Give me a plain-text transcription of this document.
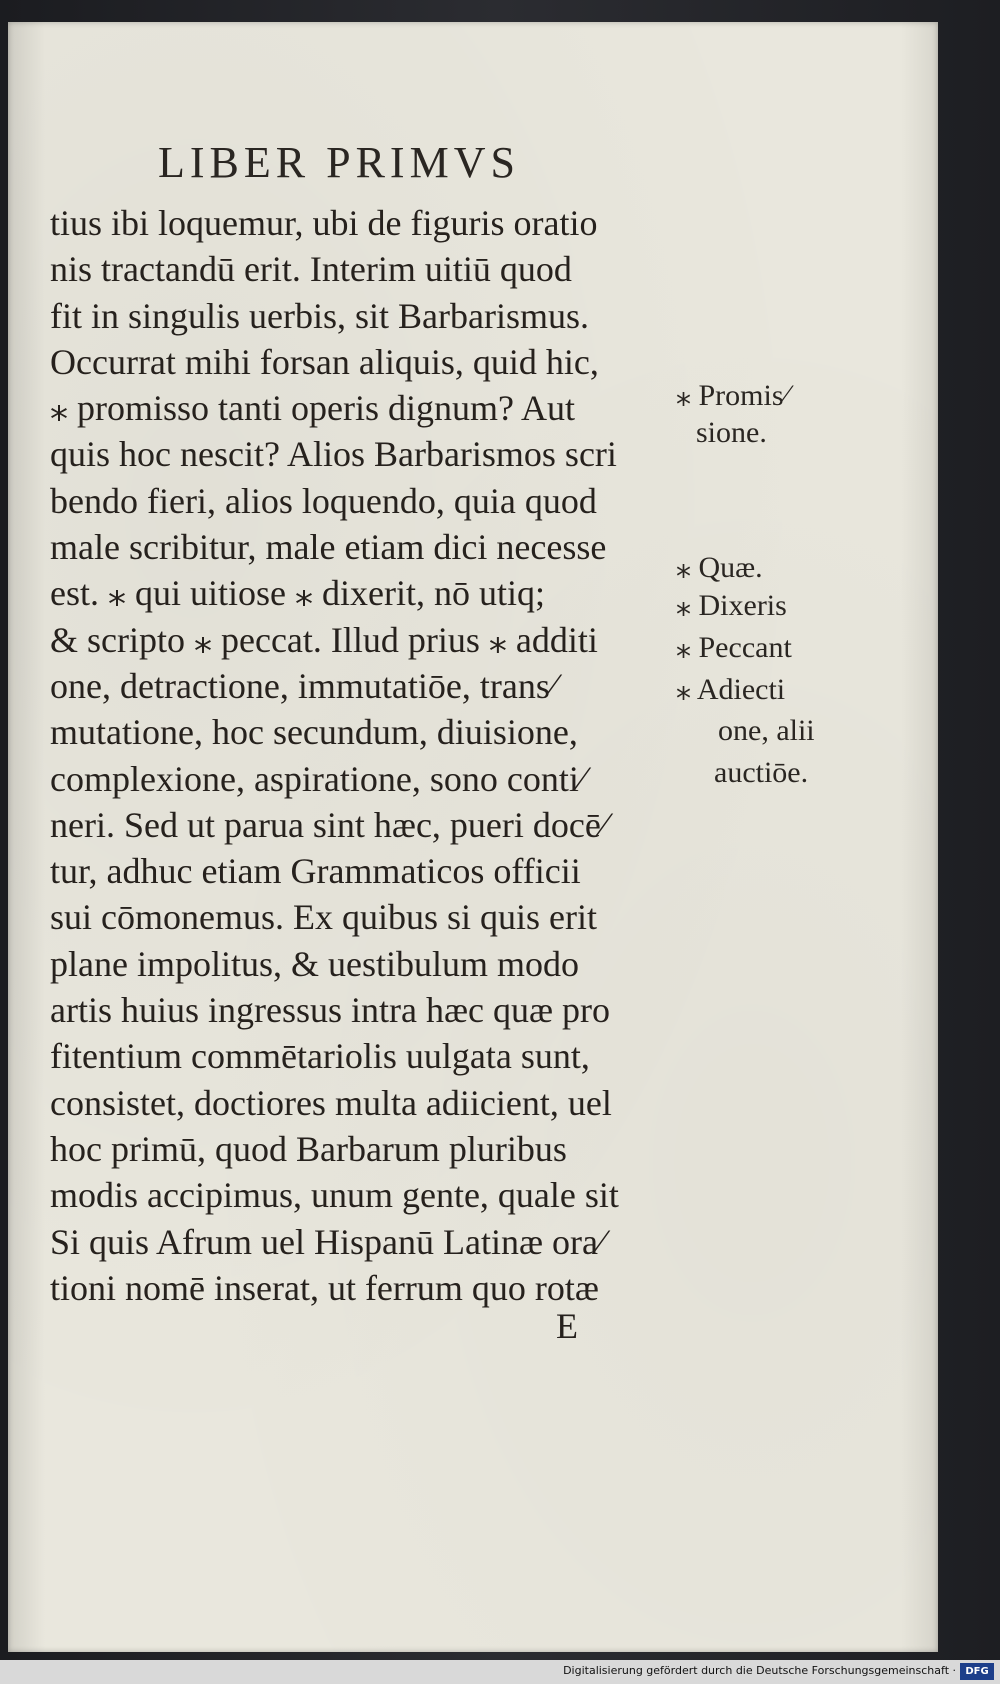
LIBER PRIMVS
tius ibi loquemur, ubi de figuris oratio
nis tractandū erit. Interim uitiū quod
fit in singulis uerbis, sit Barbarismus.
Occurrat mihi forsan aliquis, quid hic,
⁎ promisso tanti operis dignum? Aut
quis hoc nescit? Alios Barbarismos scri
bendo fieri, alios loquendo, quia quod
male scribitur, male etiam dici necesse
est. ⁎ qui uitiose ⁎ dixerit, nō utiq;
& scripto ⁎ peccat. Illud prius ⁎ additi
one, detractione, immutatiōe, trans⁄
mutatione, hoc secundum, diuisione,
complexione, aspiratione, sono conti⁄
neri. Sed ut parua sint hæc, pueri docē⁄
tur, adhuc etiam Grammaticos officii
sui cōmonemus. Ex quibus si quis erit
plane impolitus, & uestibulum modo
artis huius ingressus intra hæc quæ pro
fitentium commētariolis uulgata sunt,
consistet, doctiores multa adiicient, uel
hoc primū, quod Barbarum pluribus
modis accipimus, unum gente, quale sit
Si quis Afrum uel Hispanū Latinæ ora⁄
tioni nomē inserat, ut ferrum quo rotæ
⁎ Promis⁄
sione.
⁎ Quæ.
⁎ Dixeris
⁎ Peccant
⁎ Adiecti
one, alii
auctiōe.
E
Digitalisierung gefördert durch die Deutsche Forschungsgemeinschaft · DFG
